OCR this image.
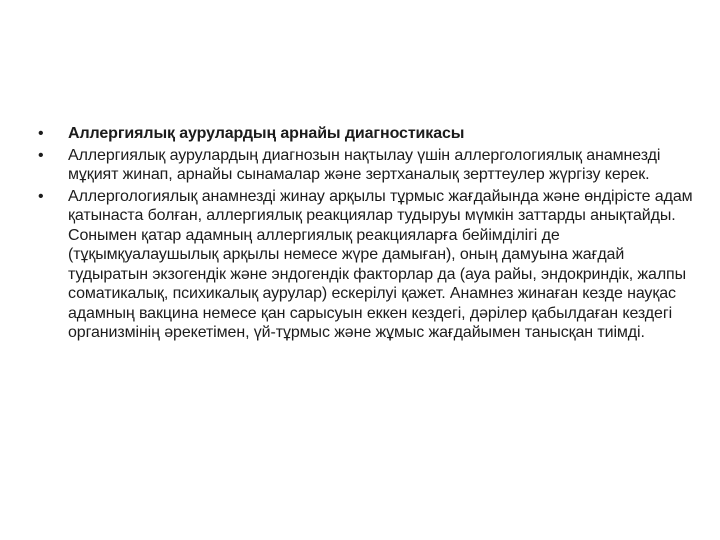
•	Аллергиялық аурулардың арнайы диагностикасы
•	Аллергиялық аурулардың диагнозын нақтылау үшін аллергологиялық анамнезді мұқият жинап, арнайы сынамалар және зертханалық зерттеулер жүргізу керек.
•	Аллергологиялық анамнезді жинау арқылы тұрмыс жағдайында және өндірісте адам қатынаста болған, аллергиялық реакциялар тудыруы мүмкін заттарды анықтайды. Сонымен қатар адамның аллергиялық реакцияларға бейімділігі де (тұқымқуалаушылық арқылы немесе жүре дамыған), оның дамуына жағдай тудыратын экзогендік және эндогендік факторлар да (ауа райы, эндокриндік, жалпы соматикалық, психикалық аурулар) ескерілуі қажет. Анамнез жинаған кезде науқас адамның вакцина немесе қан сарысуын еккен кездегі, дәрілер қабылдаған кездегі организмінің әрекетімен, үй-тұрмыс және жұмыс жағдайымен танысқан тиімді.
